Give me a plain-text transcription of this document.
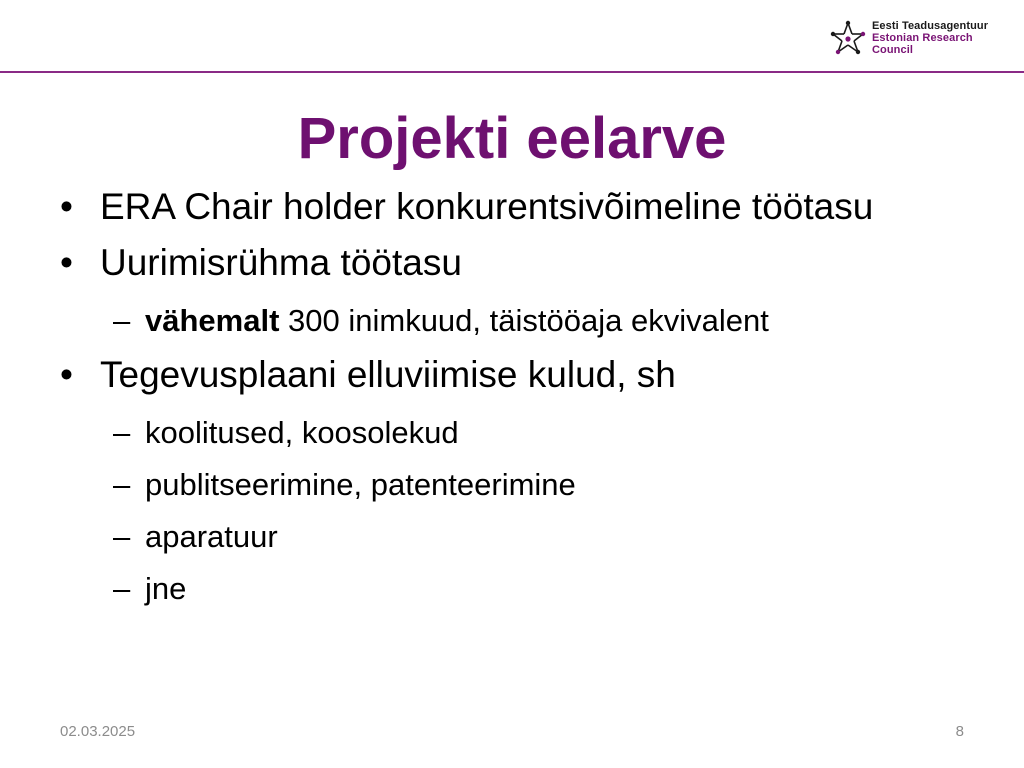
Eesti Teadusagentuur
Estonian Research Council
Projekti eelarve
• ERA Chair holder konkurentsivõimeline töötasu
• Uurimisrühma töötasu
– vähemalt 300 inimkuud, täistööaja ekvivalent
• Tegevusplaani elluviimise kulud, sh
– koolitused, koosolekud
– publitseerimine, patenteerimine
– aparatuur
– jne
02.03.2025	8
